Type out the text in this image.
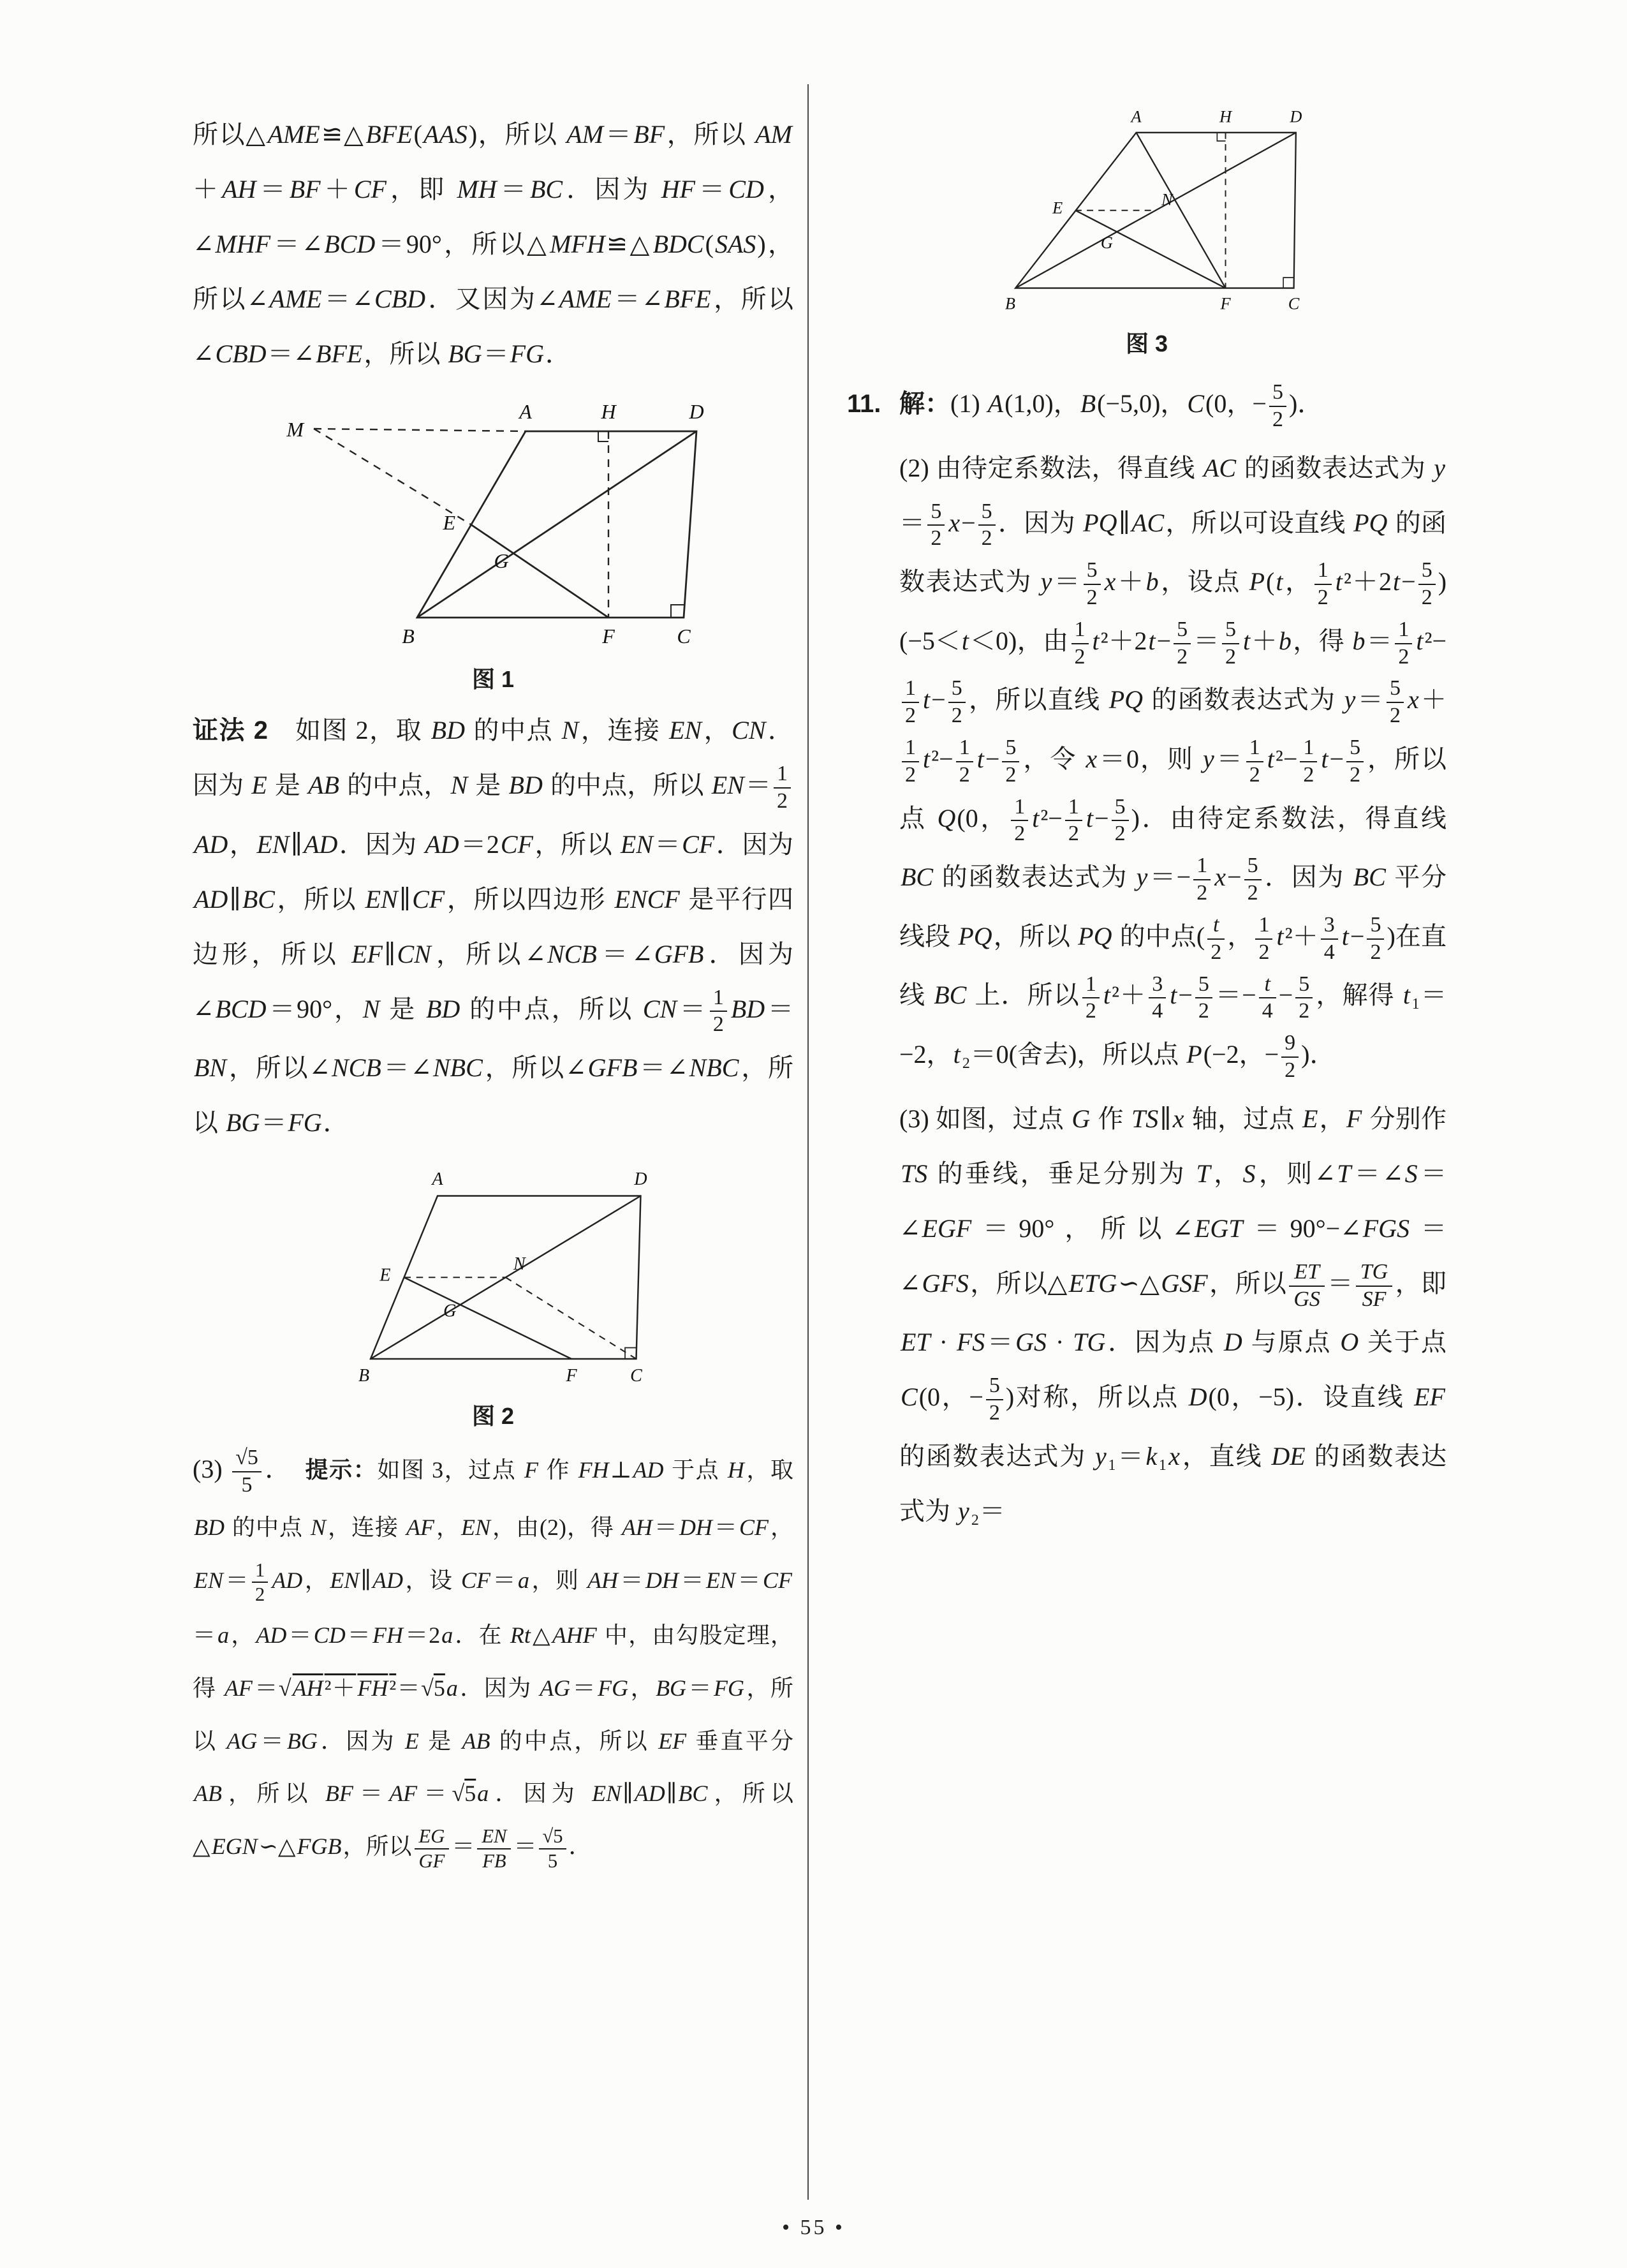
所以△AME≌△BFE(AAS)，所以 AM＝BF，所以 AM＋AH＝BF＋CF，即 MH＝BC．因为 HF＝CD，∠MHF＝∠BCD＝90°，所以△MFH≌△BDC(SAS)，所以∠AME＝∠CBD．又因为∠AME＝∠BFE，所以∠CBD＝∠BFE，所以 BG＝FG．

M
A	H	D
B	F	C
E
G
图 1

证法 2　如图 2，取 BD 的中点 N，连接 EN，CN．因为 E 是 AB 的中点，N 是 BD 的中点，所以 $EN= \frac{1}{2}$
AD，EN∥AD．因为 AD＝2CF，所以 EN＝CF．因为 AD∥BC，所以 EN∥CF，所以四边形 ENCF 是平行四边形，所以 EF∥CN，所以∠NCB＝∠GFB．因为∠BCD＝90°，N 是 BD 的中点，所以 $CN= \frac{1}{2} BD=BN$，所以∠NCB＝∠NBC，所以∠GFB＝∠NBC，所以 BG＝FG．

A	D
B	F	C
E
N
G
图 2

$(3) \frac{√5}{5}$ ．　提示：如图 3，过点 F 作 FH⊥AD 于点 H，取 BD 的中点 N，连接 AF，EN，由(2)，得 AH＝DH＝CF，$EN= \frac{1}{2}$ AD，EN∥AD，设 CF＝a，则 AH＝DH＝EN＝CF＝a，AD＝CD＝FH＝2a．在 Rt△AHF 中，由勾股定理，得 AF＝√AH²＋FH²＝√5a．因为 AG＝FG，BG＝FG，所以 AG＝BG．因为 E 是 AB 的中点，所以 EF 垂直平分 AB，所以 BF＝AF＝√5a．因为 EN∥AD∥BC，所以△EGN∽△FGB，所以 $\frac{EG}{GF} = \frac{EN}{FB} = \frac{√5}{5}$ ．

A	H	D
B	F	C
E	N
G
图 3
11. 解：(1) A(1,0)，B(−5,0)，C(0，− $\frac{5}{2}$ )．

(2) 由待定系数法，得直线 AC 的函数表达式为 $y= \frac{5}{2} x- \frac{5}{2}$ ．因为 PQ∥AC，所以可设直线 PQ 的函数表达式为 $y= \frac{5}{2} x+b$，设点 P(t， $\frac{1}{2} t^2+2t- \frac{5}{2} )(-5<t<0)$，由 $\frac{1}{2} t^2+2t- \frac{5}{2} = \frac{5}{2} t+b$，得 $b= \frac{1}{2} t^2-$
$\frac{1}{2} t- \frac{5}{2}$ ，所以直线 PQ 的函数表达式为 $y= \frac{5}{2} x+$
$\frac{1}{2} t^2- \frac{1}{2} t- \frac{5}{2}$ ，令 x＝0，则 $y= \frac{1}{2} t^2- \frac{1}{2} t- \frac{5}{2}$ ，所以点 Q(0， $\frac{1}{2} t^2- \frac{1}{2} t- \frac{5}{2}$ )．由待定系数法，得直线 BC 的函数表达式为 $y=- \frac{1}{2} x- \frac{5}{2}$ ．因为 BC 平分线段 PQ，所以 PQ 的中点( $\frac{t}{2}$ ， $\frac{1}{2} t^2+ \frac{3}{4} t- \frac{5}{2}$ )在直线 BC 上．所以 $\frac{1}{2} t^2+ \frac{3}{4} t- \frac{5}{2} =- \frac{t}{4} - \frac{5}{2}$ ，解得 t₁＝−2，t₂＝0(舍去)，所以点 P(−2，− $\frac{9}{2}$ )．

(3) 如图，过点 G 作 TS∥x 轴，过点 E，F 分别作 TS 的垂线，垂足分别为 T，S，则∠T＝∠S＝∠EGF＝90°，所以∠EGT＝90°−∠FGS＝∠GFS，所以△ETG∽△GSF，所以 $\frac{ET}{GS} = \frac{TG}{SF}$ ，即 ET · FS＝GS · TG．因为点 D 与原点 O 关于点 C(0，− $\frac{5}{2}$ )对称，所以点 D(0，−5)．设直线 EF 的函数表达式为 y₁＝k₁x，直线 DE 的函数表达式为 y₂＝

• 55 •
